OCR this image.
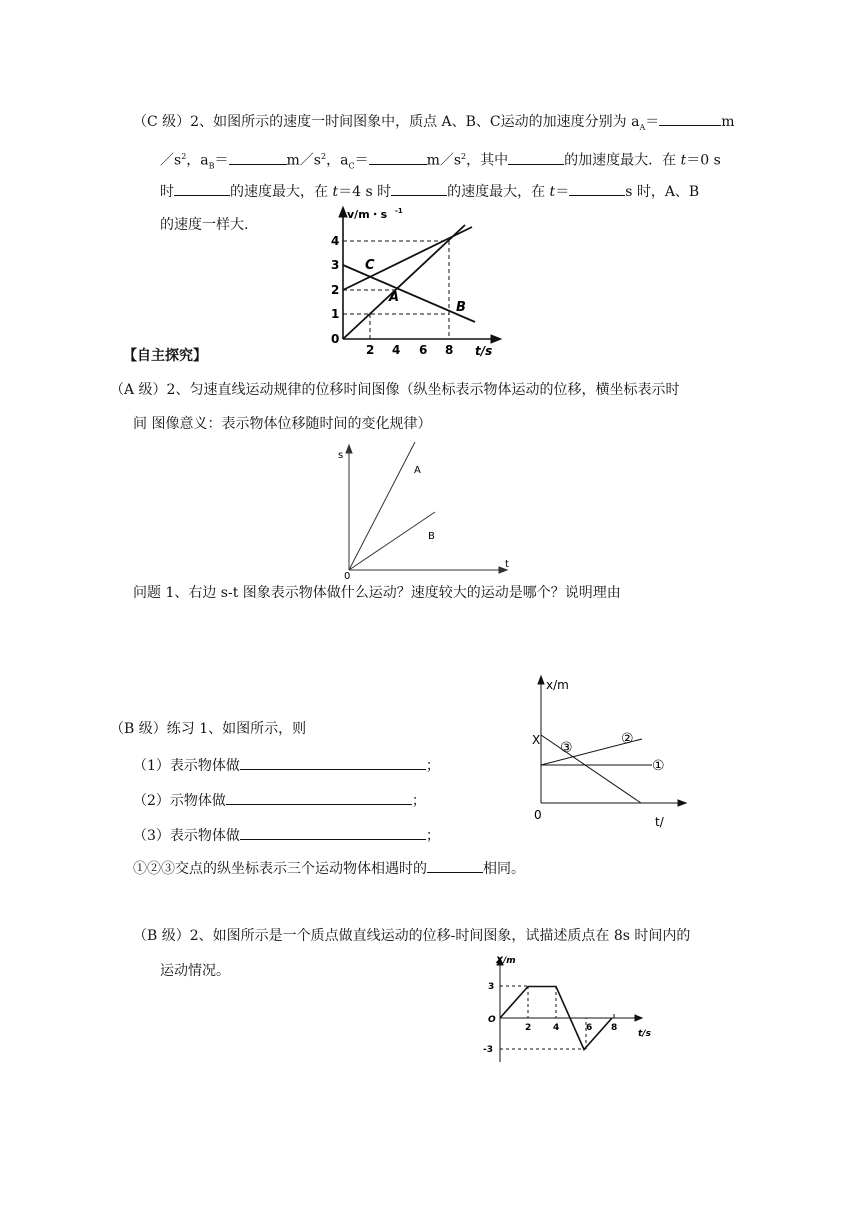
（C 级）2、如图所示的速度一时间图象中，质点 A、B、C运动的加速度分别为 $a_A=$	m
$/s^2$，$a_B=$	$m/s^2$，$a_C=$	$m/s^2$，其中	的加速度最大．在 t＝0 s
时	的速度最大，在 t＝4 s 时	的速度最大，在 t＝	s 时，A、B
的速度一样大.
v/m・s -1
t/s
0
1
2
3
4
2 4 6 8
C
A
B
【自主探究】
（A 级）2、匀速直线运动规律的位移时间图像（纵坐标表示物体运动的位移，横坐标表示时
间 图像意义：表示物体位移随时间的变化规律）
s
t
0
A
B
问题 1、右边 s-t 图象表示物体做什么运动？速度较大的运动是哪个？说明理由
（B 级）练习 1、如图所示，则
（1）表示物体做	；
（2）示物体做	；
（3）表示物体做	；
①②③交点的纵坐标表示三个运动物体相遇时的	相同。
x/m
X
0	t/
③
②
①
（B 级）2、如图所示是一个质点做直线运动的位移-时间图象，试描述质点在 8s 时间内的
运动情况。
X/m
3
O
-3
2 4	6 8
t/s
